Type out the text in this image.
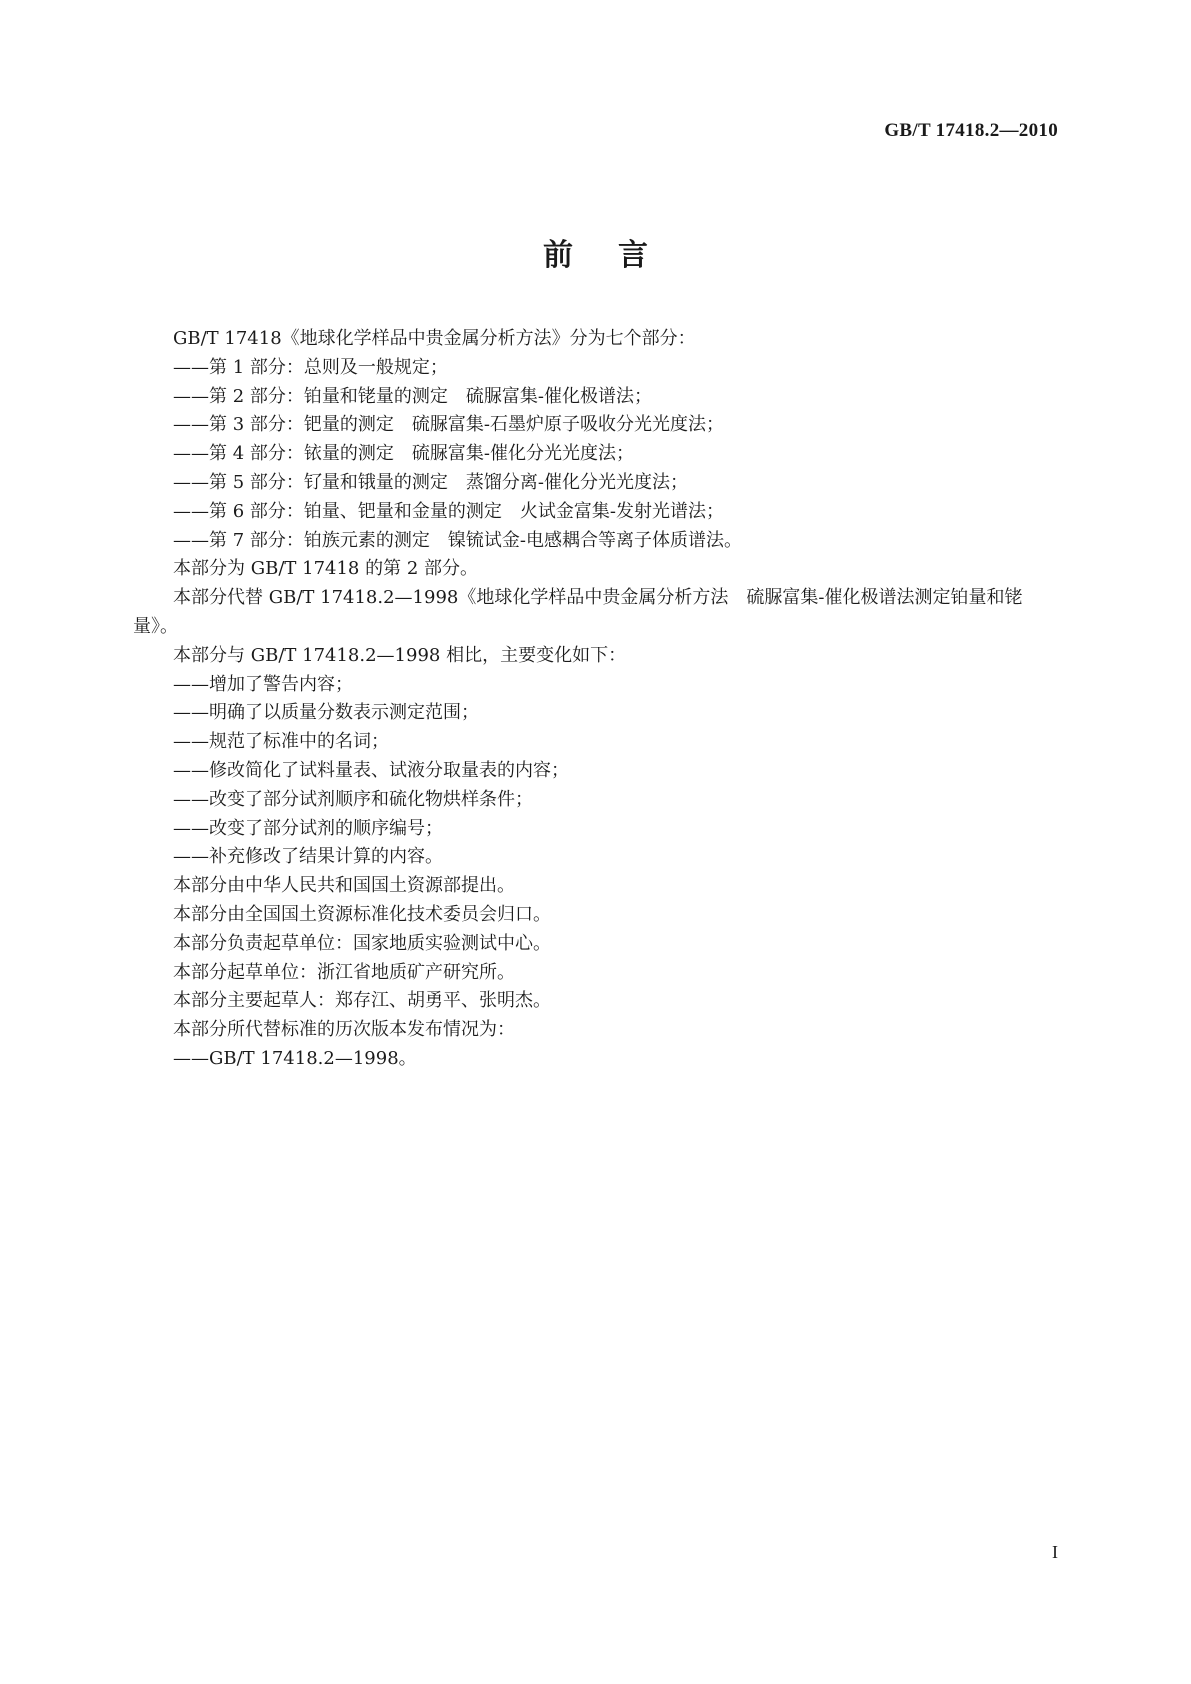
GB/T 17418.2—2010
前言
GB/T 17418《地球化学样品中贵金属分析方法》分为七个部分：
——第 1 部分：总则及一般规定；
——第 2 部分：铂量和铑量的测定　硫脲富集-催化极谱法；
——第 3 部分：钯量的测定　硫脲富集-石墨炉原子吸收分光光度法；
——第 4 部分：铱量的测定　硫脲富集-催化分光光度法；
——第 5 部分：钌量和锇量的测定　蒸馏分离-催化分光光度法；
——第 6 部分：铂量、钯量和金量的测定　火试金富集-发射光谱法；
——第 7 部分：铂族元素的测定　镍锍试金-电感耦合等离子体质谱法。
本部分为 GB/T 17418 的第 2 部分。
本部分代替 GB/T 17418.2—1998《地球化学样品中贵金属分析方法　硫脲富集-催化极谱法测定铂量和铑量》。
本部分与 GB/T 17418.2—1998 相比，主要变化如下：
——增加了警告内容；
——明确了以质量分数表示测定范围；
——规范了标准中的名词；
——修改简化了试料量表、试液分取量表的内容；
——改变了部分试剂顺序和硫化物烘样条件；
——改变了部分试剂的顺序编号；
——补充修改了结果计算的内容。
本部分由中华人民共和国国土资源部提出。
本部分由全国国土资源标准化技术委员会归口。
本部分负责起草单位：国家地质实验测试中心。
本部分起草单位：浙江省地质矿产研究所。
本部分主要起草人：郑存江、胡勇平、张明杰。
本部分所代替标准的历次版本发布情况为：
——GB/T 17418.2—1998。
I
